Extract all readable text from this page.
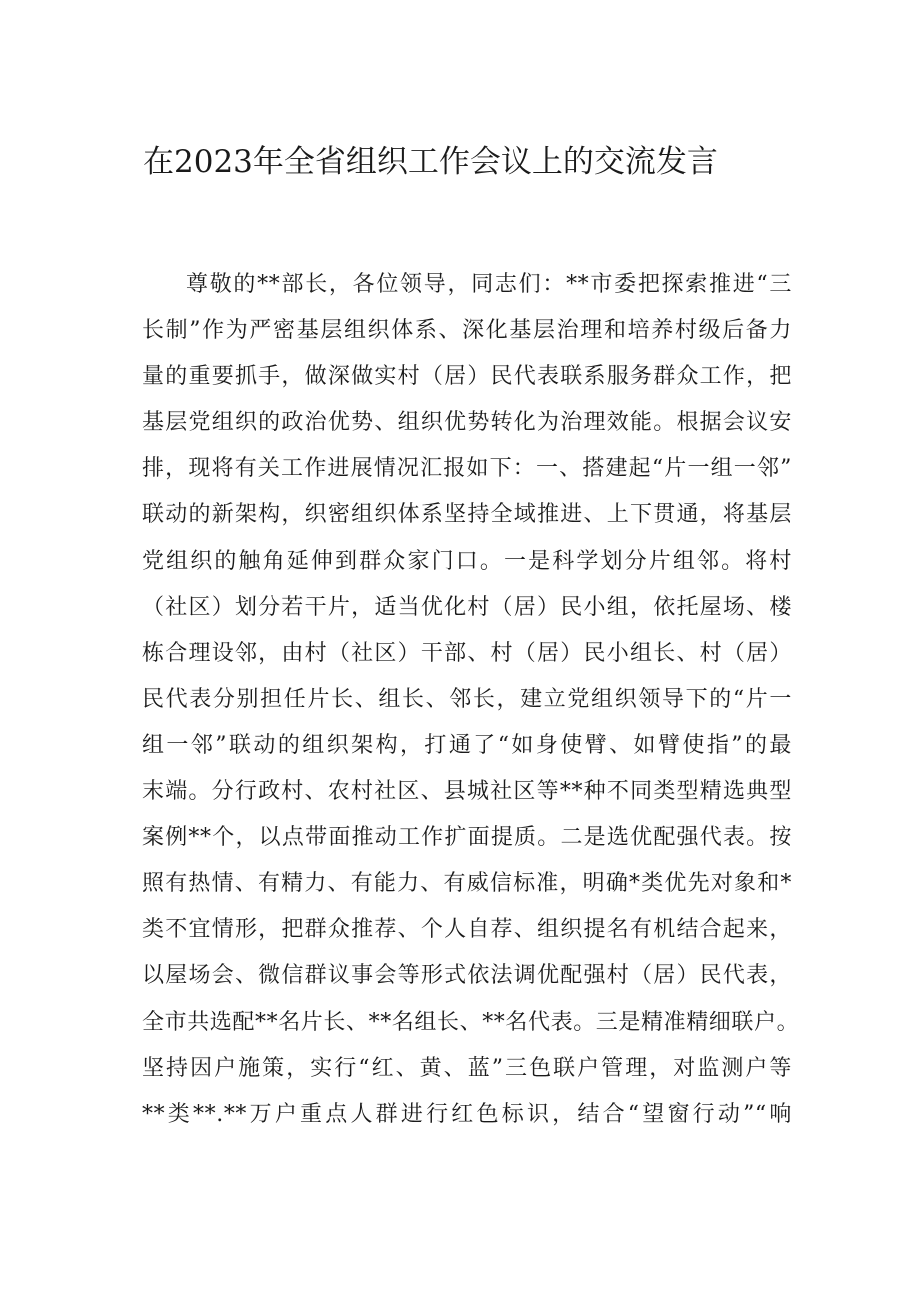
在2023年全省组织工作会议上的交流发言
尊敬的**部长，各位领导，同志们：**市委把探索推进“三
长制”作为严密基层组织体系、深化基层治理和培养村级后备力
量的重要抓手，做深做实村（居）民代表联系服务群众工作，把
基层党组织的政治优势、组织优势转化为治理效能。根据会议安
排，现将有关工作进展情况汇报如下：一、搭建起“片一组一邻”
联动的新架构，织密组织体系坚持全域推进、上下贯通，将基层
党组织的触角延伸到群众家门口。一是科学划分片组邻。将村
（社区）划分若干片，适当优化村（居）民小组，依托屋场、楼
栋合理设邻，由村（社区）干部、村（居）民小组长、村（居）
民代表分别担任片长、组长、邻长，建立党组织领导下的“片一
组一邻”联动的组织架构，打通了“如身使臂、如臂使指”的最
末端。分行政村、农村社区、县城社区等**种不同类型精选典型
案例**个，以点带面推动工作扩面提质。二是选优配强代表。按
照有热情、有精力、有能力、有威信标准，明确*类优先对象和*
类不宜情形，把群众推荐、个人自荐、组织提名有机结合起来，
以屋场会、微信群议事会等形式依法调优配强村（居）民代表，
全市共选配**名片长、**名组长、**名代表。三是精准精细联户。
坚持因户施策，实行“红、黄、蓝”三色联户管理，对监测户等
**类**.**万户重点人群进行红色标识，结合“望窗行动”“响
